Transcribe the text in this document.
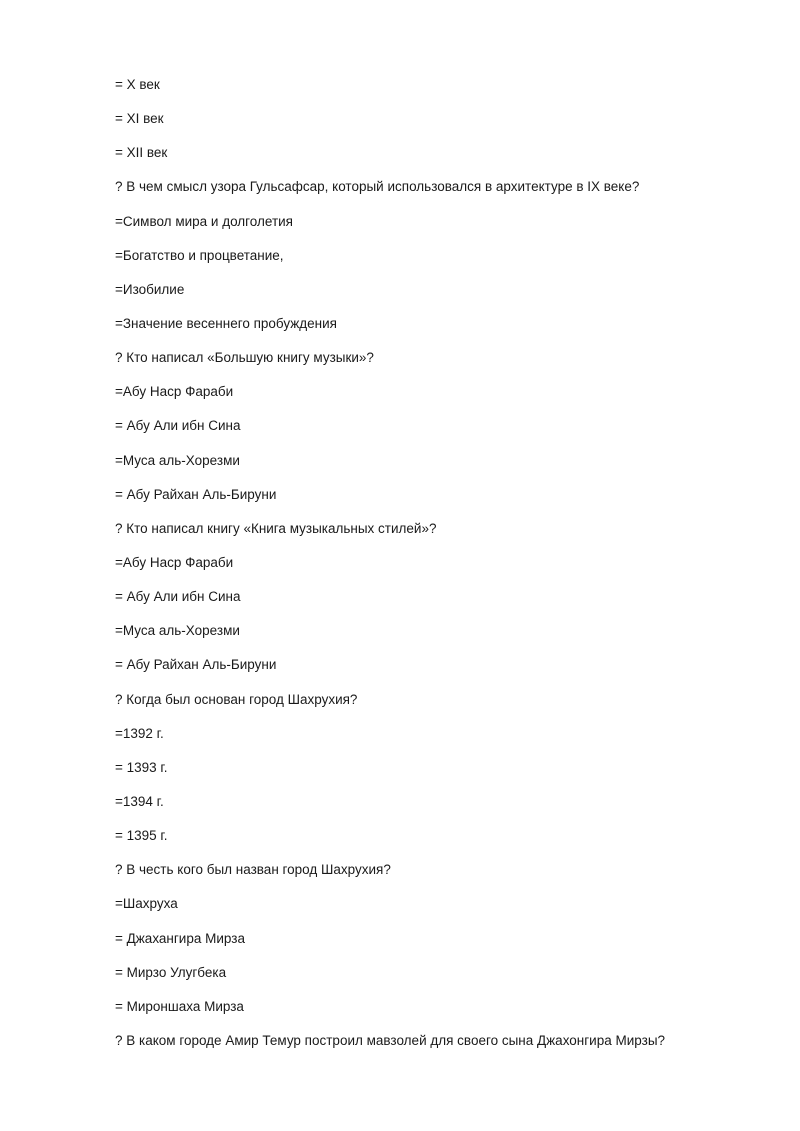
= X век
= XI век
= XII век
? В чем смысл узора Гульсафсар, который использовался в архитектуре в IX веке?
=Символ мира и долголетия
=Богатство и процветание,
=Изобилие
=Значение весеннего пробуждения
? Кто написал «Большую книгу музыки»?
=Абу Наср Фараби
= Абу Али ибн Сина
=Муса аль-Хорезми
= Абу Райхан Аль-Бируни
? Кто написал книгу «Книга музыкальных стилей»?
=Абу Наср Фараби
= Абу Али ибн Сина
=Муса аль-Хорезми
= Абу Райхан Аль-Бируни
? Когда был основан город Шахрухия?
=1392 г.
= 1393 г.
=1394 г.
= 1395 г.
? В честь кого был назван город Шахрухия?
=Шахруха
= Джахангира Мирза
= Мирзо Улугбека
= Мироншаха Мирза
? В каком городе Амир Темур построил мавзолей для своего сына Джахонгира Мирзы?
